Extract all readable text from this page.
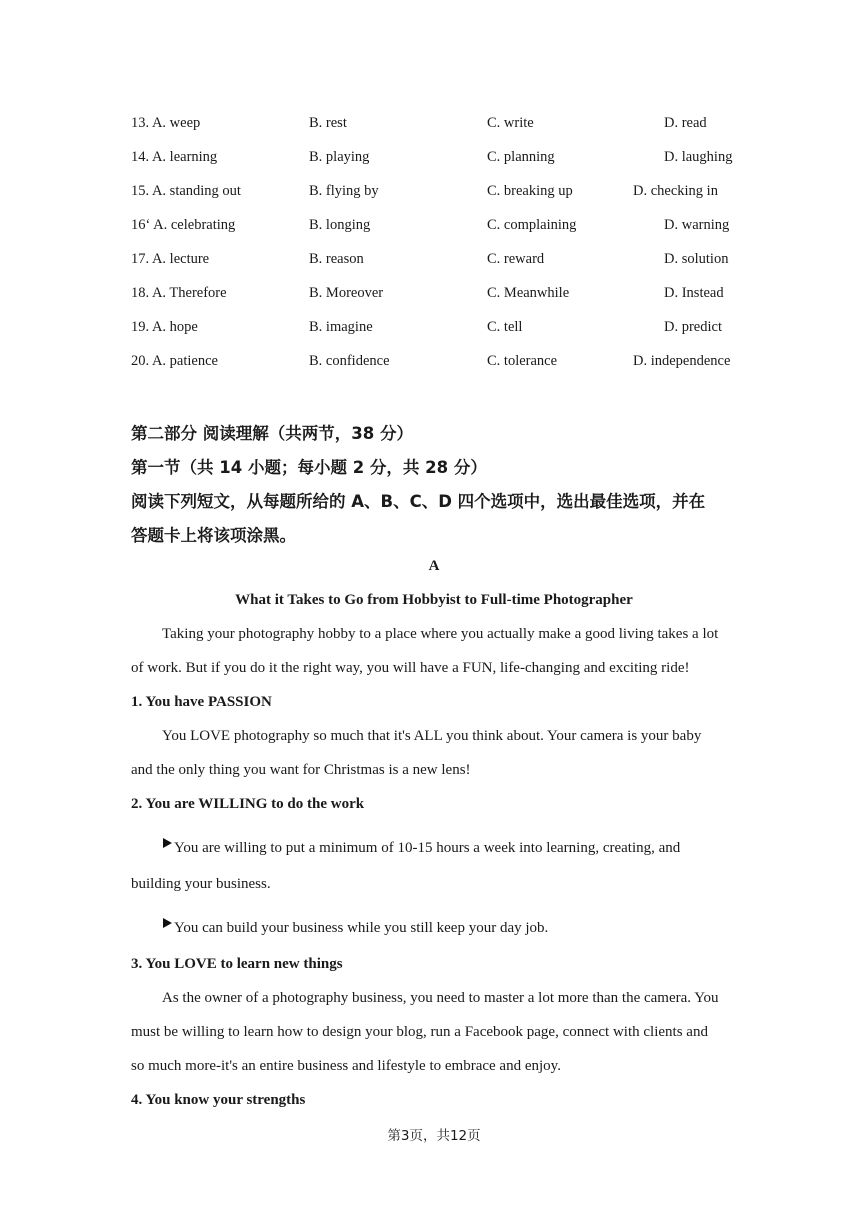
13. A. weep	B. rest	C. write	D. read
14. A. learning	B. playing	C. planning	D. laughing
15. A. standing out	B. flying by	C. breaking up	D. checking in
16ʻ A. celebrating	B. longing	C. complaining	D. warning
17. A. lecture	B. reason	C. reward	D. solution
18. A. Therefore	B. Moreover	C. Meanwhile	D. Instead
19. A. hope	B. imagine	C. tell	D. predict
20. A. patience	B. confidence	C. tolerance	D. independence
第二部分 阅读理解（共两节，38 分）
第一节（共 14 小题；每小题 2 分，共 28 分）
阅读下列短文，从每题所给的 A、B、C、D 四个选项中，选出最佳选项，并在
答题卡上将该项涂黑。
A
What it Takes to Go from Hobbyist to Full-time Photographer
Taking your photography hobby to a place where you actually make a good living takes a lot
of work. But if you do it the right way, you will have a FUN, life-changing and exciting ride!
1. You have PASSION
You LOVE photography so much that it's ALL you think about. Your camera is your baby
and the only thing you want for Christmas is a new lens!
2. You are WILLING to do the work
You are willing to put a minimum of 10-15 hours a week into learning, creating, and
building your business.
You can build your business while you still keep your day job.
3. You LOVE to learn new things
As the owner of a photography business, you need to master a lot more than the camera. You
must be willing to learn how to design your blog, run a Facebook page, connect with clients and
so much more-it's an entire business and lifestyle to embrace and enjoy.
4. You know your strengths
第3页，共12页
